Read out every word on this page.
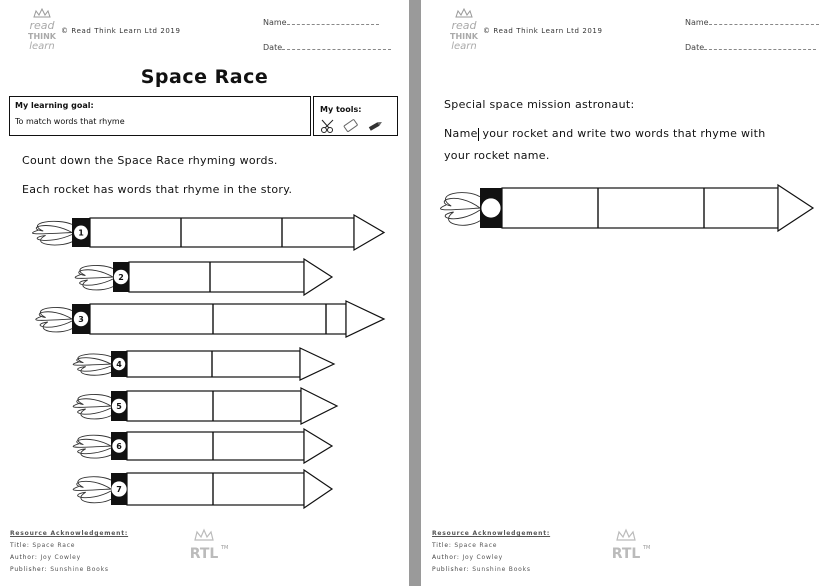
read
THINK
learn
© Read Think Learn Ltd 2019
Name
Date
Space Race
My learning goal:
To match words that rhyme
My tools:
Count down the Space Race rhyming words.
Each rocket has words that rhyme in the story.
1
2
3
4
5
6
7
Resource Acknowledgement:
Title: Space Race
Author: Joy Cowley
Publisher: Sunshine Books
RTL TM
read
THINK
learn
© Read Think Learn Ltd 2019
Name
Date
Special space mission astronaut:
Name your rocket and write two words that rhyme with
your rocket name.
Resource Acknowledgement:
Title: Space Race
Author: Joy Cowley
Publisher: Sunshine Books
RTL TM
